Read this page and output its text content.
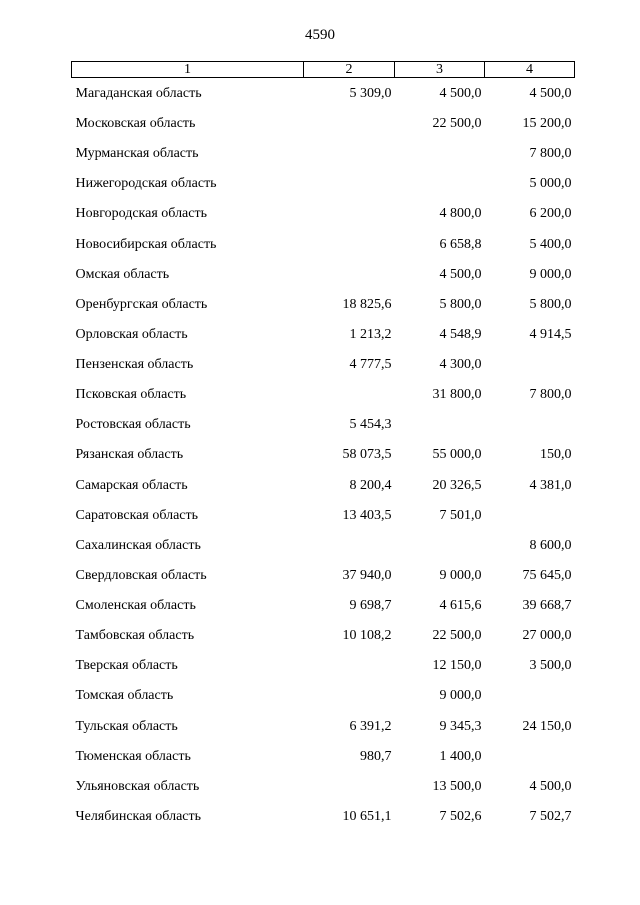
4590
1	2	3	4
Магаданская область	5 309,0	4 500,0	4 500,0
Московская область		22 500,0	15 200,0
Мурманская область			7 800,0
Нижегородская область			5 000,0
Новгородская область		4 800,0	6 200,0
Новосибирская область		6 658,8	5 400,0
Омская область		4 500,0	9 000,0
Оренбургская область	18 825,6	5 800,0	5 800,0
Орловская область	1 213,2	4 548,9	4 914,5
Пензенская область	4 777,5	4 300,0	
Псковская область		31 800,0	7 800,0
Ростовская область	5 454,3		
Рязанская область	58 073,5	55 000,0	150,0
Самарская область	8 200,4	20 326,5	4 381,0
Саратовская область	13 403,5	7 501,0	
Сахалинская область			8 600,0
Свердловская область	37 940,0	9 000,0	75 645,0
Смоленская область	9 698,7	4 615,6	39 668,7
Тамбовская область	10 108,2	22 500,0	27 000,0
Тверская область		12 150,0	3 500,0
Томская область		9 000,0	
Тульская область	6 391,2	9 345,3	24 150,0
Тюменская область	980,7	1 400,0	
Ульяновская область		13 500,0	4 500,0
Челябинская область	10 651,1	7 502,6	7 502,7
